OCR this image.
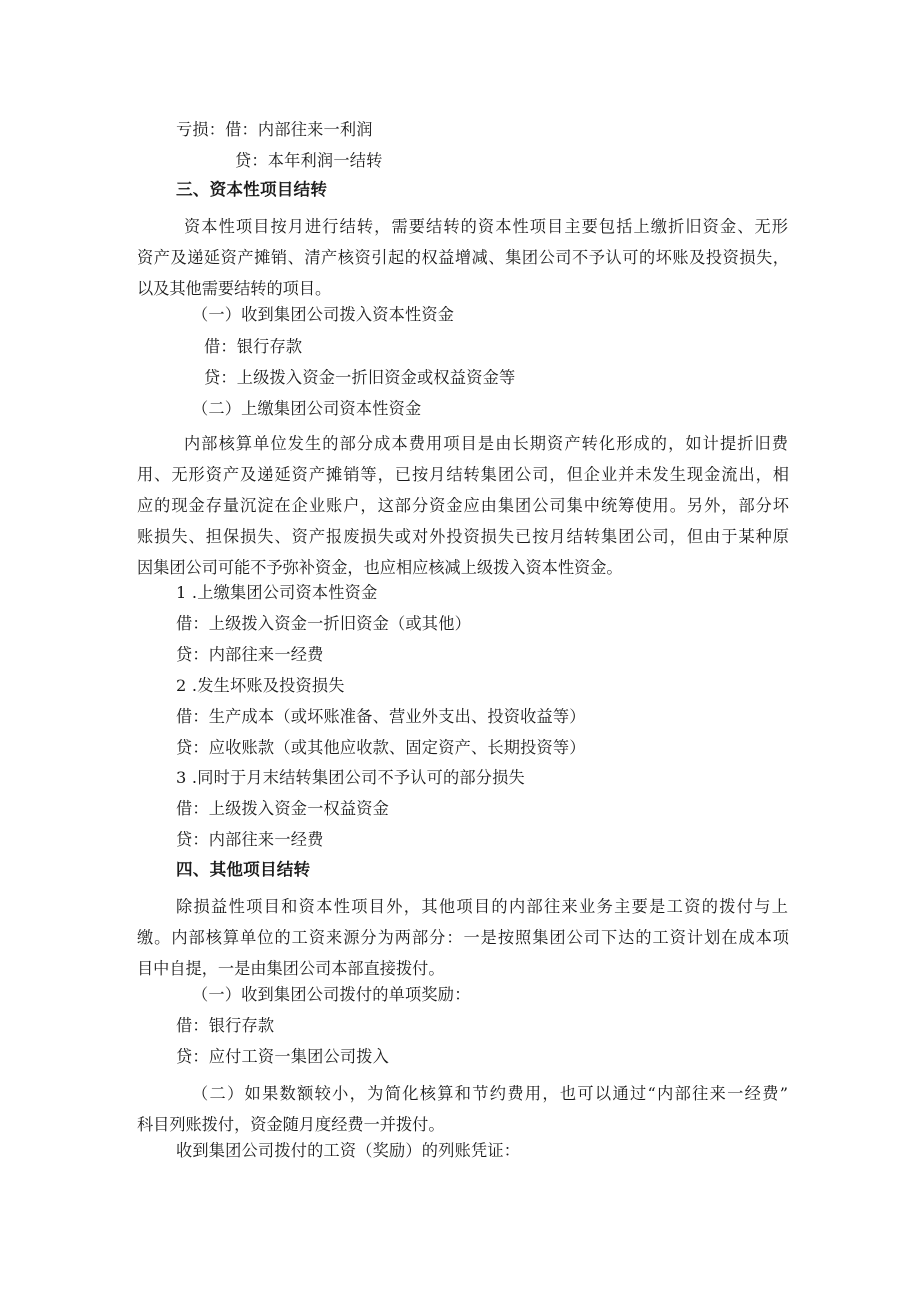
亏损：借：内部往来一利润
贷：本年利润一结转
三、资本性项目结转
资本性项目按月进行结转，需要结转的资本性项目主要包括上缴折旧资金、无形
资产及递延资产摊销、清产核资引起的权益增减、集团公司不予认可的坏账及投资损失，
以及其他需要结转的项目。
（一）收到集团公司拨入资本性资金
借：银行存款
贷：上级拨入资金一折旧资金或权益资金等
（二）上缴集团公司资本性资金
内部核算单位发生的部分成本费用项目是由长期资产转化形成的，如计提折旧费
用、无形资产及递延资产摊销等，已按月结转集团公司，但企业并未发生现金流出，相
应的现金存量沉淀在企业账户，这部分资金应由集团公司集中统筹使用。另外，部分坏
账损失、担保损失、资产报废损失或对外投资损失已按月结转集团公司，但由于某种原
因集团公司可能不予弥补资金，也应相应核减上级拨入资本性资金。
1 .上缴集团公司资本性资金
借：上级拨入资金一折旧资金（或其他）
贷：内部往来一经费
2 .发生坏账及投资损失
借：生产成本（或坏账准备、营业外支出、投资收益等）
贷：应收账款（或其他应收款、固定资产、长期投资等）
3 .同时于月末结转集团公司不予认可的部分损失
借：上级拨入资金一权益资金
贷：内部往来一经费
四、其他项目结转
除损益性项目和资本性项目外，其他项目的内部往来业务主要是工资的拨付与上
缴。内部核算单位的工资来源分为两部分：一是按照集团公司下达的工资计划在成本项
目中自提，一是由集团公司本部直接拨付。
（一）收到集团公司拨付的单项奖励：
借：银行存款
贷：应付工资一集团公司拨入
（二）如果数额较小，为简化核算和节约费用，也可以通过“内部往来一经费”
科目列账拨付，资金随月度经费一并拨付。
收到集团公司拨付的工资（奖励）的列账凭证：
